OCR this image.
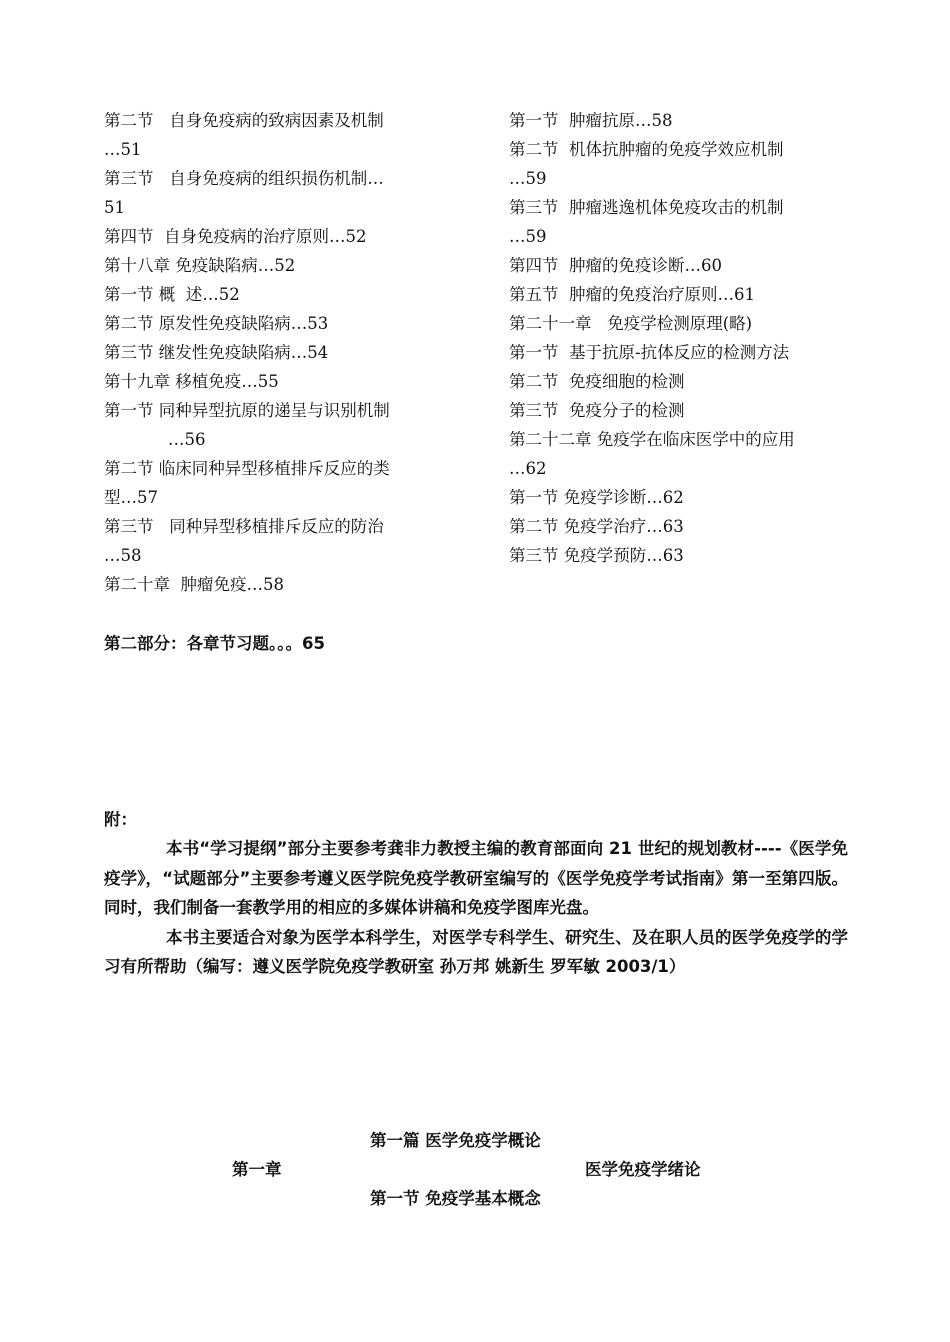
第二节   自身免疫病的致病因素及机制
…51
第三节   自身免疫病的组织损伤机制…
51
第四节  自身免疫病的治疗原则…52
第十八章 免疫缺陷病…52
第一节 概  述…52
第二节 原发性免疫缺陷病…53
第三节 继发性免疫缺陷病…54
第十九章 移植免疫…55
第一节 同种异型抗原的递呈与识别机制
…56
第二节 临床同种异型移植排斥反应的类
型…57
第三节   同种异型移植排斥反应的防治
…58
第二十章  肿瘤免疫…58
第一节  肿瘤抗原…58
第二节  机体抗肿瘤的免疫学效应机制
…59
第三节  肿瘤逃逸机体免疫攻击的机制
…59
第四节  肿瘤的免疫诊断…60
第五节  肿瘤的免疫治疗原则…61
第二十一章   免疫学检测原理(略)
第一节  基于抗原-抗体反应的检测方法
第二节  免疫细胞的检测
第三节  免疫分子的检测
第二十二章 免疫学在临床医学中的应用
…62
第一节 免疫学诊断…62
第二节 免疫学治疗…63
第三节 免疫学预防…63
第二部分：各章节习题。。。65
附：

本书“学习提纲”部分主要参考龚非力教授主编的教育部面向 21 世纪的规划教材----《医学免疫学》，“试题部分”主要参考遵义医学院免疫学教研室编写的《医学免疫学考试指南》第一至第四版。同时，我们制备一套教学用的相应的多媒体讲稿和免疫学图库光盘。

本书主要适合对象为医学本科学生，对医学专科学生、研究生、及在职人员的医学免疫学的学习有所帮助（编写：遵义医学院免疫学教研室 孙万邦 姚新生 罗军敏 2003/1）

第一篇 医学免疫学概论
第一章	医学免疫学绪论
第一节 免疫学基本概念
